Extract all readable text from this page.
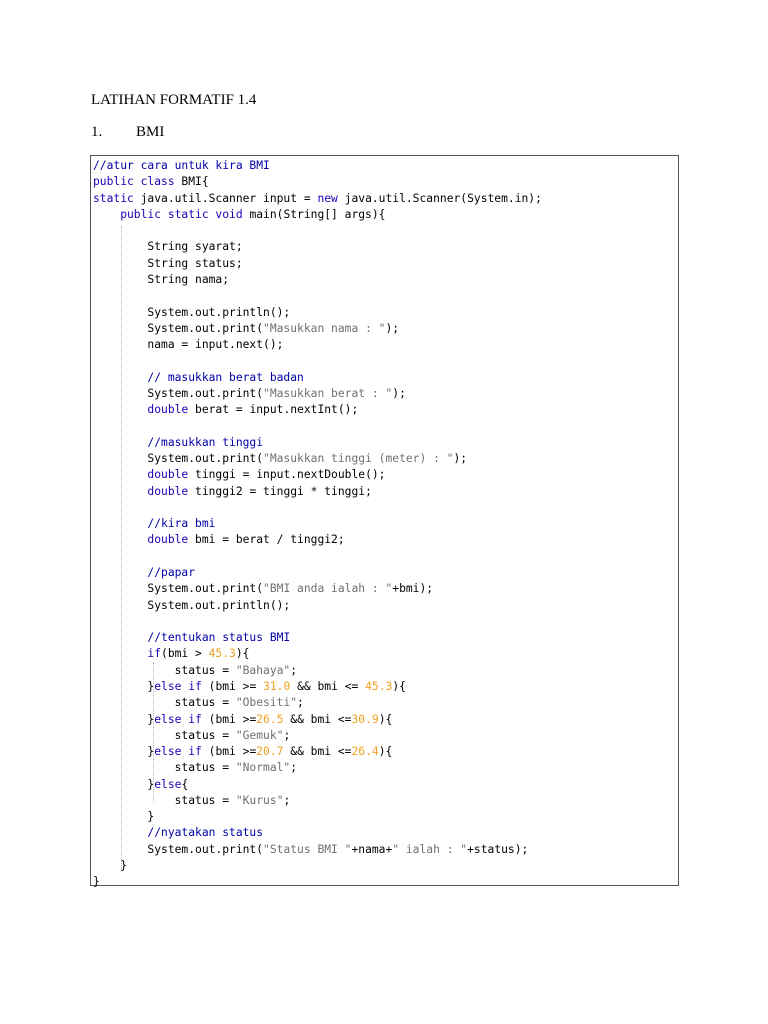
LATIHAN FORMATIF 1.4
1. BMI
//atur cara untuk kira BMI
public class BMI{
static java.util.Scanner input = new java.util.Scanner(System.in);
public static void main(String[] args){
String syarat;
String status;
String nama;
System.out.println();
System.out.print("Masukkan nama : ");
nama = input.next();
// masukkan berat badan
System.out.print("Masukkan berat : ");
double berat = input.nextInt();
//masukkan tinggi
System.out.print("Masukkan tinggi (meter) : ");
double tinggi = input.nextDouble();
double tinggi2 = tinggi * tinggi;
//kira bmi
double bmi = berat / tinggi2;
//papar
System.out.print("BMI anda ialah : "+bmi);
System.out.println();
//tentukan status BMI
if(bmi > 45.3){
status = "Bahaya";
}else if (bmi >= 31.0 && bmi <= 45.3){
status = "Obesiti";
}else if (bmi >=26.5 && bmi <=30.9){
status = "Gemuk";
}else if (bmi >=20.7 && bmi <=26.4){
status = "Normal";
}else{
status = "Kurus";
}
//nyatakan status
System.out.print("Status BMI "+nama+" ialah : "+status);
}
}
